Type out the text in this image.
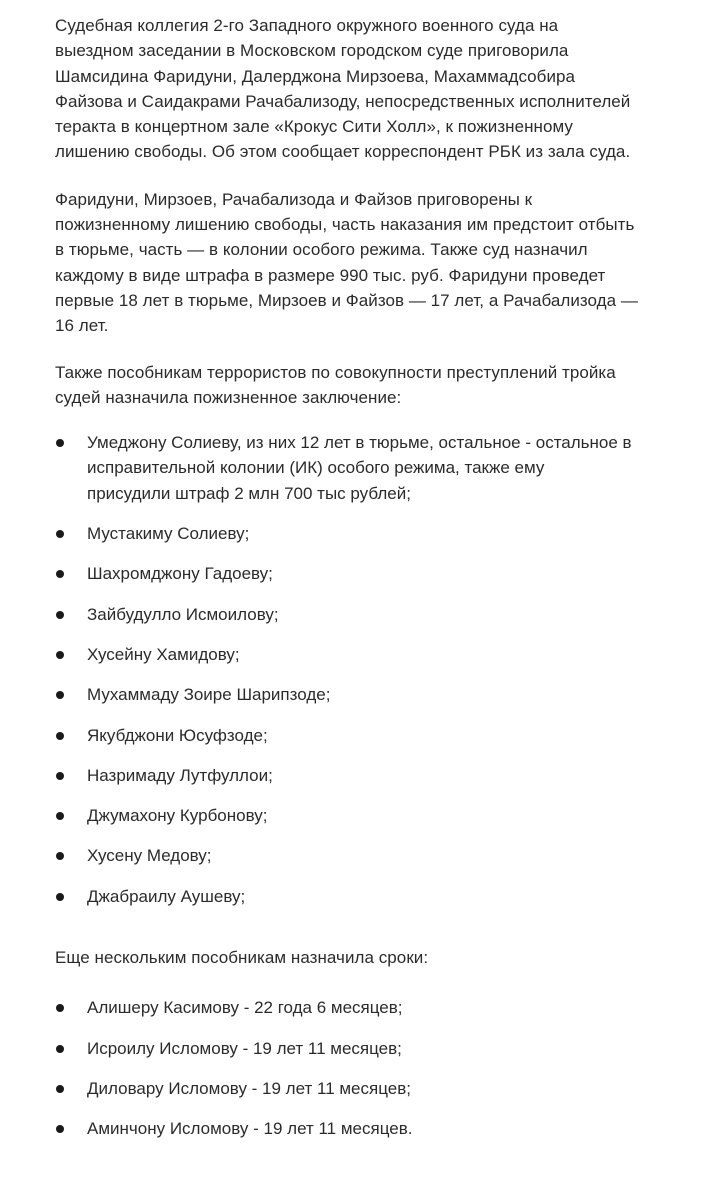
Судебная коллегия 2-го Западного окружного военного суда на
выездном заседании в Московском городском суде приговорила
Шамсидина Фаридуни, Далерджона Мирзоева, Махаммадсобира
Файзова и Саидакрами Рачабализоду, непосредственных исполнителей
теракта в концертном зале «Крокус Сити Холл», к пожизненному
лишению свободы. Об этом сообщает корреспондент РБК из зала суда.

Фаридуни, Мирзоев, Рачабализода и Файзов приговорены к
пожизненному лишению свободы, часть наказания им предстоит отбыть
в тюрьме, часть — в колонии особого режима. Также суд назначил
каждому в виде штрафа в размере 990 тыс. руб. Фаридуни проведет
первые 18 лет в тюрьме, Мирзоев и Файзов — 17 лет, а Рачабализода —
16 лет.

Также пособникам террористов по совокупности преступлений тройка
судей назначила пожизненное заключение:

Умеджону Солиеву, из них 12 лет в тюрьме, остальное - остальное в
исправительной колонии (ИК) особого режима, также ему
присудили штраф 2 млн 700 тыс рублей;
Мустакиму Солиеву;
Шахромджону Гадоеву;
Зайбудулло Исмоилову;
Хусейну Хамидову;
Мухаммаду Зоире Шарипзоде;
Якубджони Юсуфзоде;
Назримаду Лутфуллои;
Джумахону Курбонову;
Хусену Медову;
Джабраилу Аушеву;

Еще нескольким пособникам назначила сроки:

Алишеру Касимову - 22 года 6 месяцев;
Исроилу Исломову - 19 лет 11 месяцев;
Диловару Исломову - 19 лет 11 месяцев;
Аминчону Исломову - 19 лет 11 месяцев.
